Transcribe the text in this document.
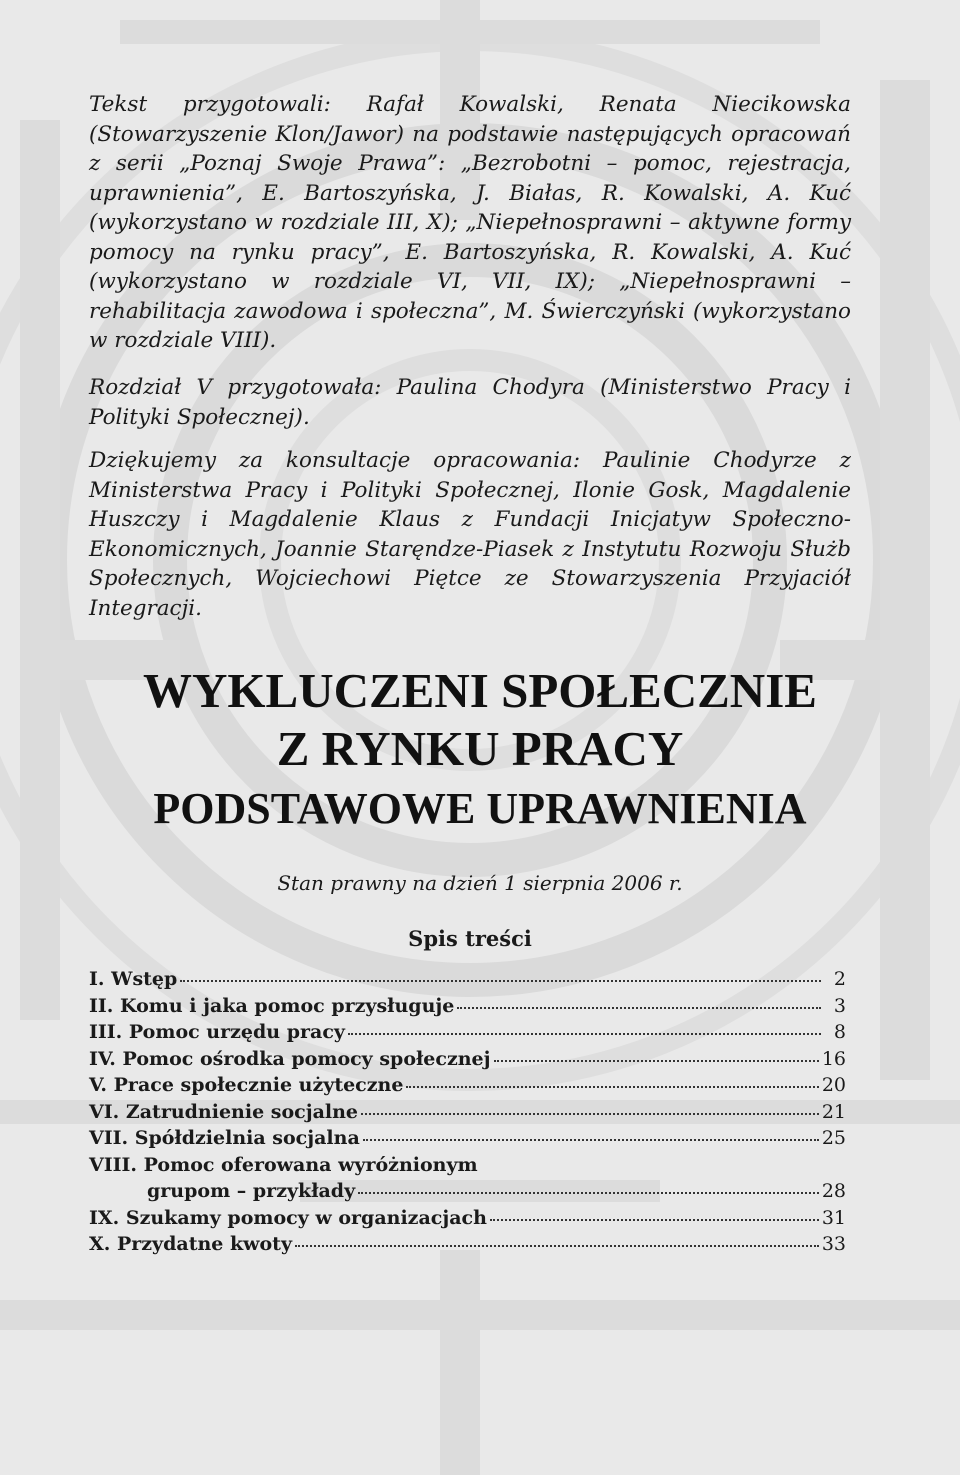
Tekst przygotowali: Rafał Kowalski, Renata Niecikowska (Stowarzyszenie Klon/Jawor) na podstawie następujących opracowań z serii „Poznaj Swoje Prawa”: „Bezrobotni – pomoc, rejestracja, uprawnienia”, E. Bartoszyńska, J. Białas, R. Kowalski, A. Kuć (wykorzystano w rozdziale III, X); „Niepełnosprawni – aktywne formy pomocy na rynku pracy”, E. Bartoszyńska, R. Kowalski, A. Kuć (wykorzystano w rozdziale VI, VII, IX); „Niepełnosprawni – rehabilitacja zawodowa i społeczna”, M. Świerczyński (wykorzystano w rozdziale VIII).

Rozdział V przygotowała: Paulina Chodyra (Ministerstwo Pracy i Polityki Społecznej).

Dziękujemy za konsultacje opracowania: Paulinie Chodyrze z Ministerstwa Pracy i Polityki Społecznej, Ilonie Gosk, Magdalenie Huszczy i Magdalenie Klaus z Fundacji Inicjatyw Społeczno-Ekonomicznych, Joannie Staręndze-Piasek z Instytutu Rozwoju Służb Społecznych, Wojciechowi Piętce ze Stowarzyszenia Przyjaciół Integracji.

WYKLUCZENI SPOŁECZNIE
Z RYNKU PRACY
PODSTAWOWE UPRAWNIENIA

Stan prawny na dzień 1 sierpnia 2006 r.

Spis treści
I. Wstęp	2
II. Komu i jaka pomoc przysługuje	3
III. Pomoc urzędu pracy	8
IV. Pomoc ośrodka pomocy społecznej	16
V. Prace społecznie użyteczne	20
VI. Zatrudnienie socjalne	21
VII. Spółdzielnia socjalna	25
VIII. Pomoc oferowana wyróżnionym
grupom – przykłady	28
IX. Szukamy pomocy w organizacjach	31
X. Przydatne kwoty	33
